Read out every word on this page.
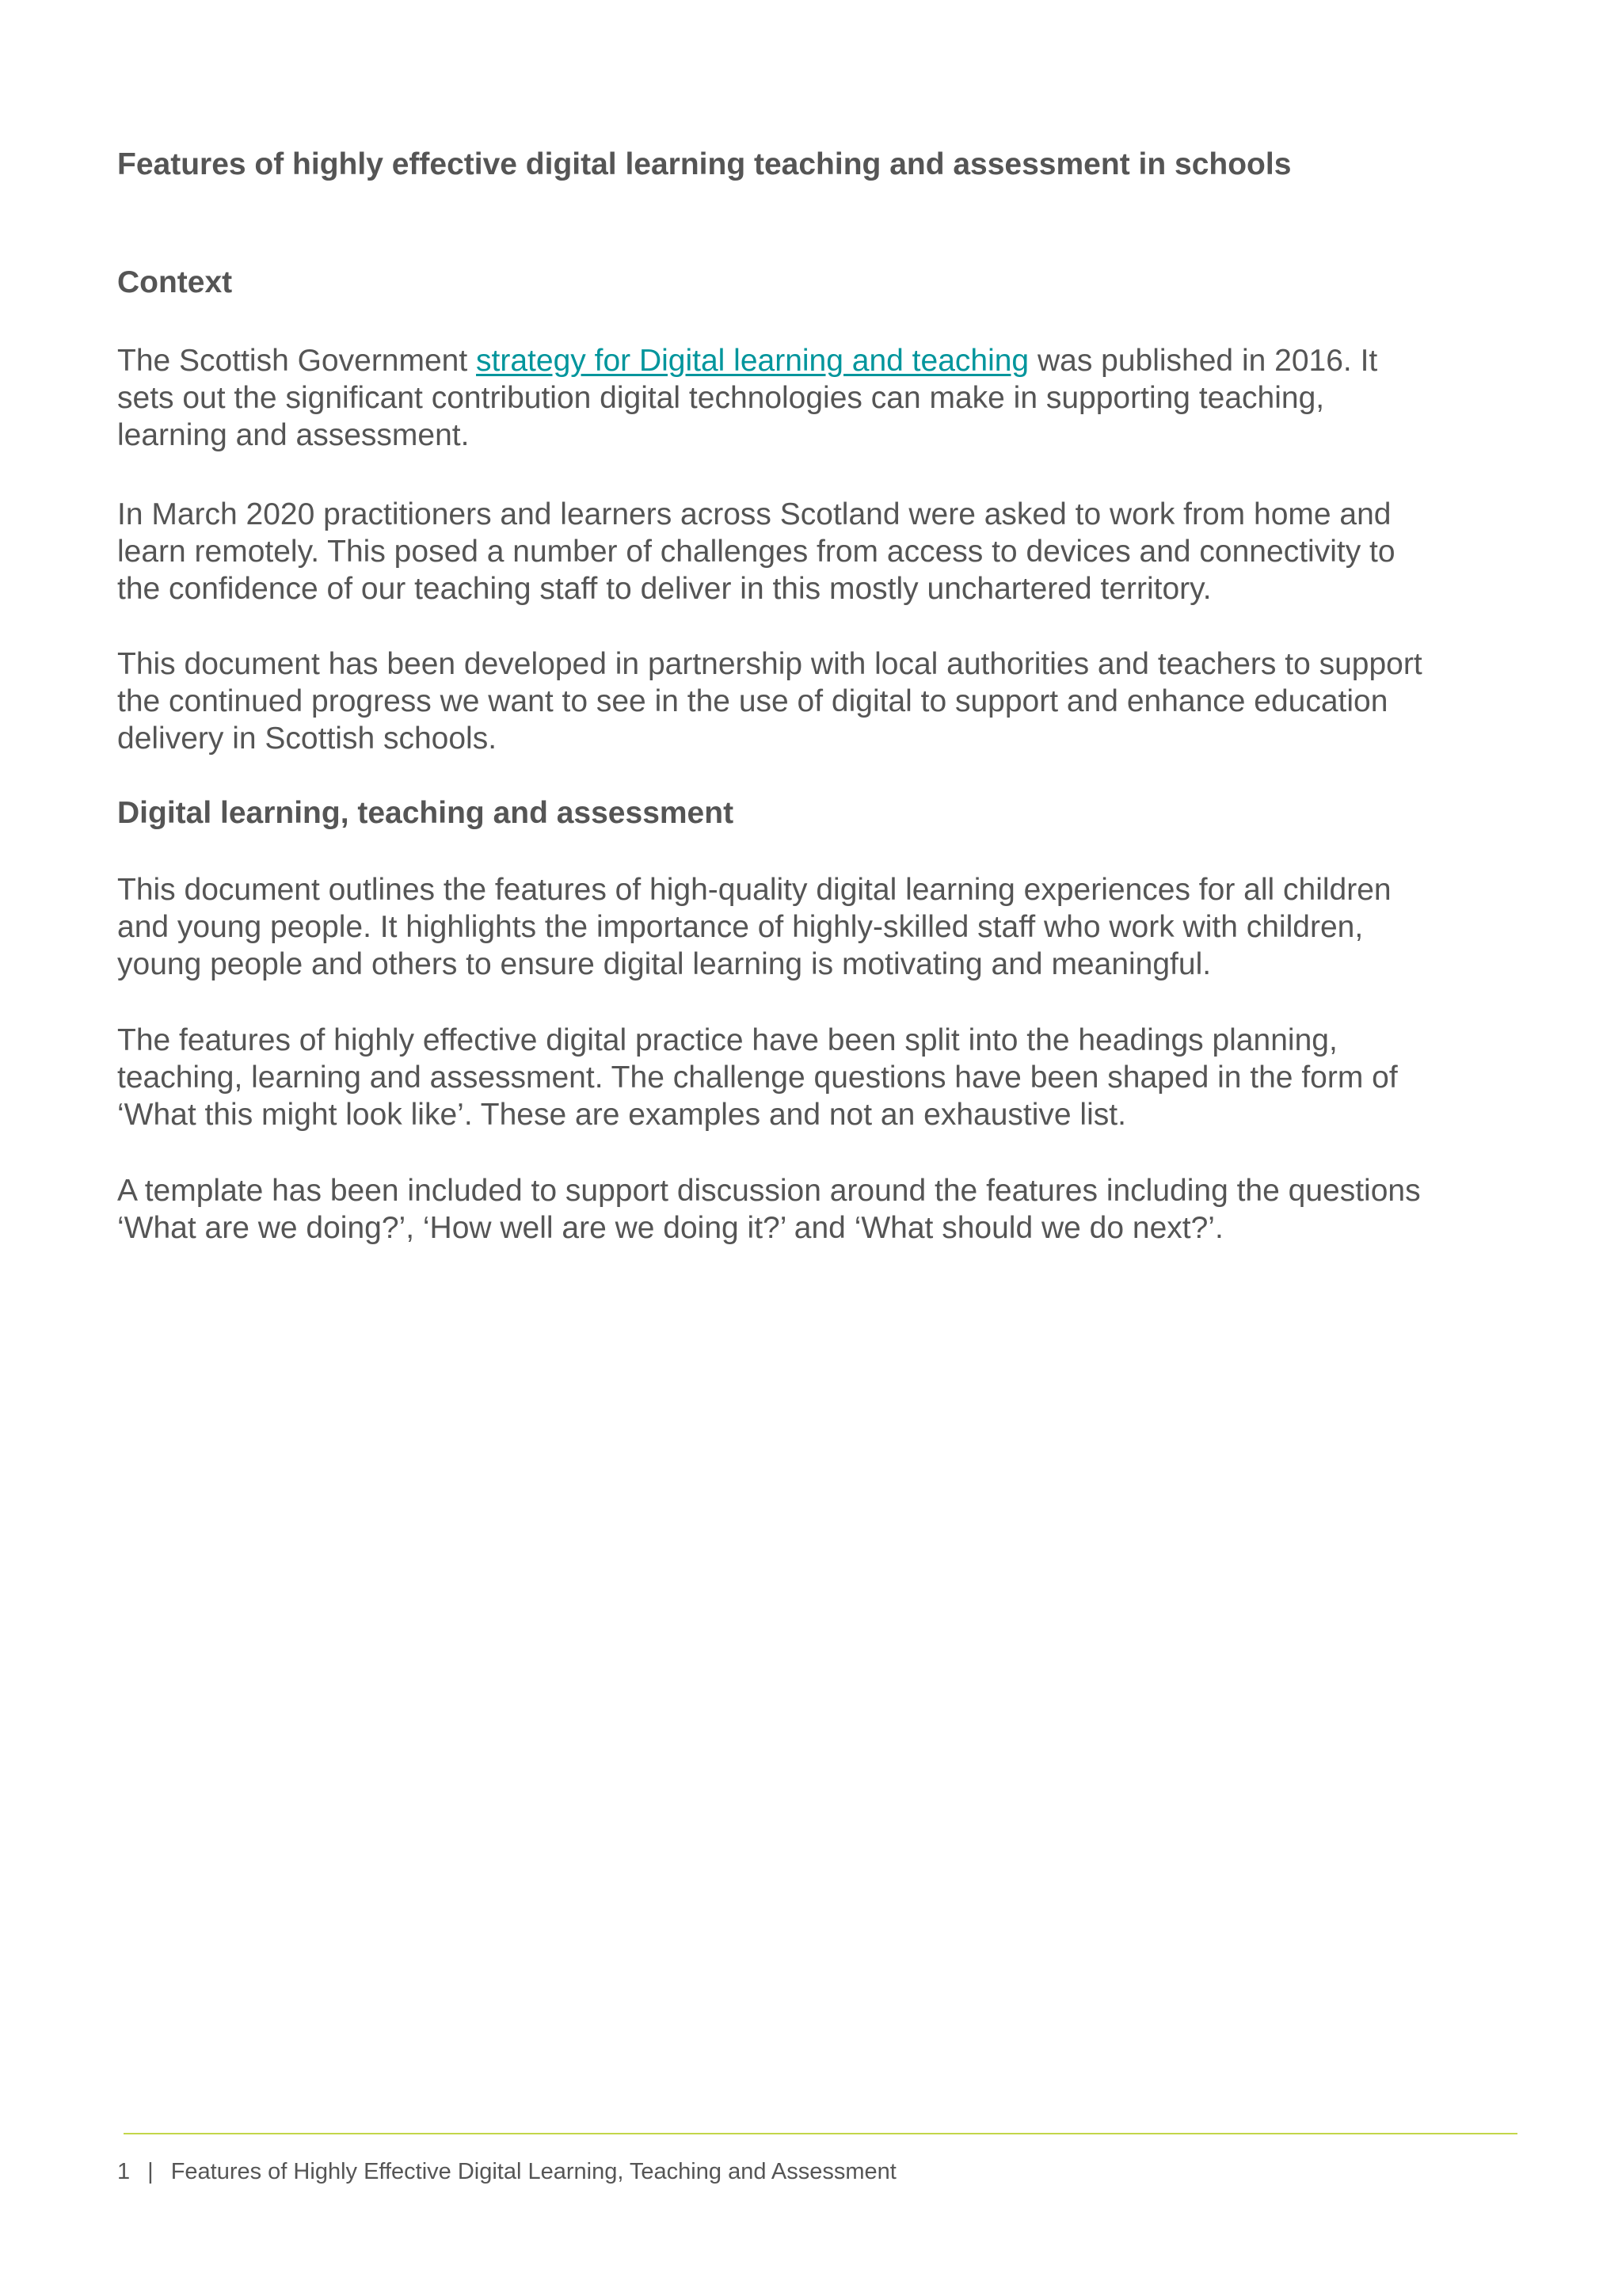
Features of highly effective digital learning teaching and assessment in schools
Context

The Scottish Government strategy for Digital learning and teaching was published in 2016. It
sets out the significant contribution digital technologies can make in supporting teaching,
learning and assessment.

In March 2020 practitioners and learners across Scotland were asked to work from home and
learn remotely. This posed a number of challenges from access to devices and connectivity to
the confidence of our teaching staff to deliver in this mostly unchartered territory.

This document has been developed in partnership with local authorities and teachers to support
the continued progress we want to see in the use of digital to support and enhance education
delivery in Scottish schools.

Digital learning, teaching and assessment

This document outlines the features of high-quality digital learning experiences for all children
and young people. It highlights the importance of highly-skilled staff who work with children,
young people and others to ensure digital learning is motivating and meaningful.

The features of highly effective digital practice have been split into the headings planning,
teaching, learning and assessment. The challenge questions have been shaped in the form of
‘What this might look like’. These are examples and not an exhaustive list.

A template has been included to support discussion around the features including the questions
‘What are we doing?’, ‘How well are we doing it?’ and ‘What should we do next?’.

1 | Features of Highly Effective Digital Learning, Teaching and Assessment
